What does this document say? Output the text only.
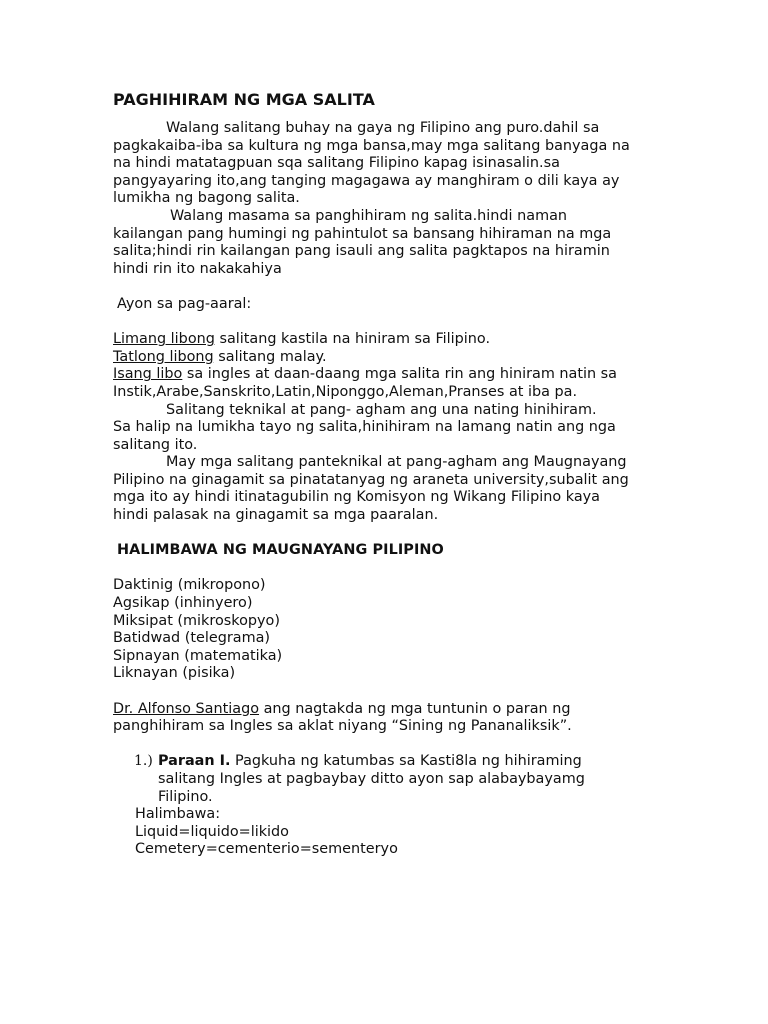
PAGHIHIRAM NG MGA SALITA
Walang salitang buhay na gaya ng Filipino ang puro.dahil sa
pagkakaiba-iba sa kultura ng mga bansa,may mga salitang banyaga na
na hindi matatagpuan sqa salitang Filipino kapag isinasalin.sa
pangyayaring ito,ang tanging magagawa ay manghiram o dili kaya ay
lumikha ng bagong salita.
Walang masama sa panghihiram ng salita.hindi naman
kailangan pang humingi ng pahintulot sa bansang hihiraman na mga
salita;hindi rin kailangan pang isauli ang salita pagktapos na hiramin
hindi rin ito nakakahiya
Ayon sa pag-aaral:
Limang libong salitang kastila na hiniram sa Filipino.
Tatlong libong salitang malay.
Isang libo sa ingles at daan-daang mga salita rin ang hiniram natin sa
Instik,Arabe,Sanskrito,Latin,Niponggo,Aleman,Pranses at iba pa.
Salitang teknikal at pang- agham ang una nating hinihiram.
Sa halip na lumikha tayo ng salita,hinihiram na lamang natin ang nga
salitang ito.
May mga salitang panteknikal at pang-agham ang Maugnayang
Pilipino na ginagamit sa pinatatanyag ng araneta university,subalit ang
mga ito ay hindi itinatagubilin ng Komisyon ng Wikang Filipino kaya
hindi palasak na ginagamit sa mga paaralan.
HALIMBAWA NG MAUGNAYANG PILIPINO
Daktinig (mikropono)
Agsikap (inhinyero)
Miksipat (mikroskopyo)
Batidwad (telegrama)
Sipnayan (matematika)
Liknayan (pisika)
Dr. Alfonso Santiago ang nagtakda ng mga tuntunin o paran ng
panghihiram sa Ingles sa aklat niyang “Sining ng Pananaliksik”.
1.) Paraan I. Pagkuha ng katumbas sa Kasti8la ng hihiraming
salitang Ingles at pagbaybay ditto ayon sap alabaybayamg
Filipino.
Halimbawa:
Liquid=liquido=likido
Cemetery=cementerio=sementeryo
